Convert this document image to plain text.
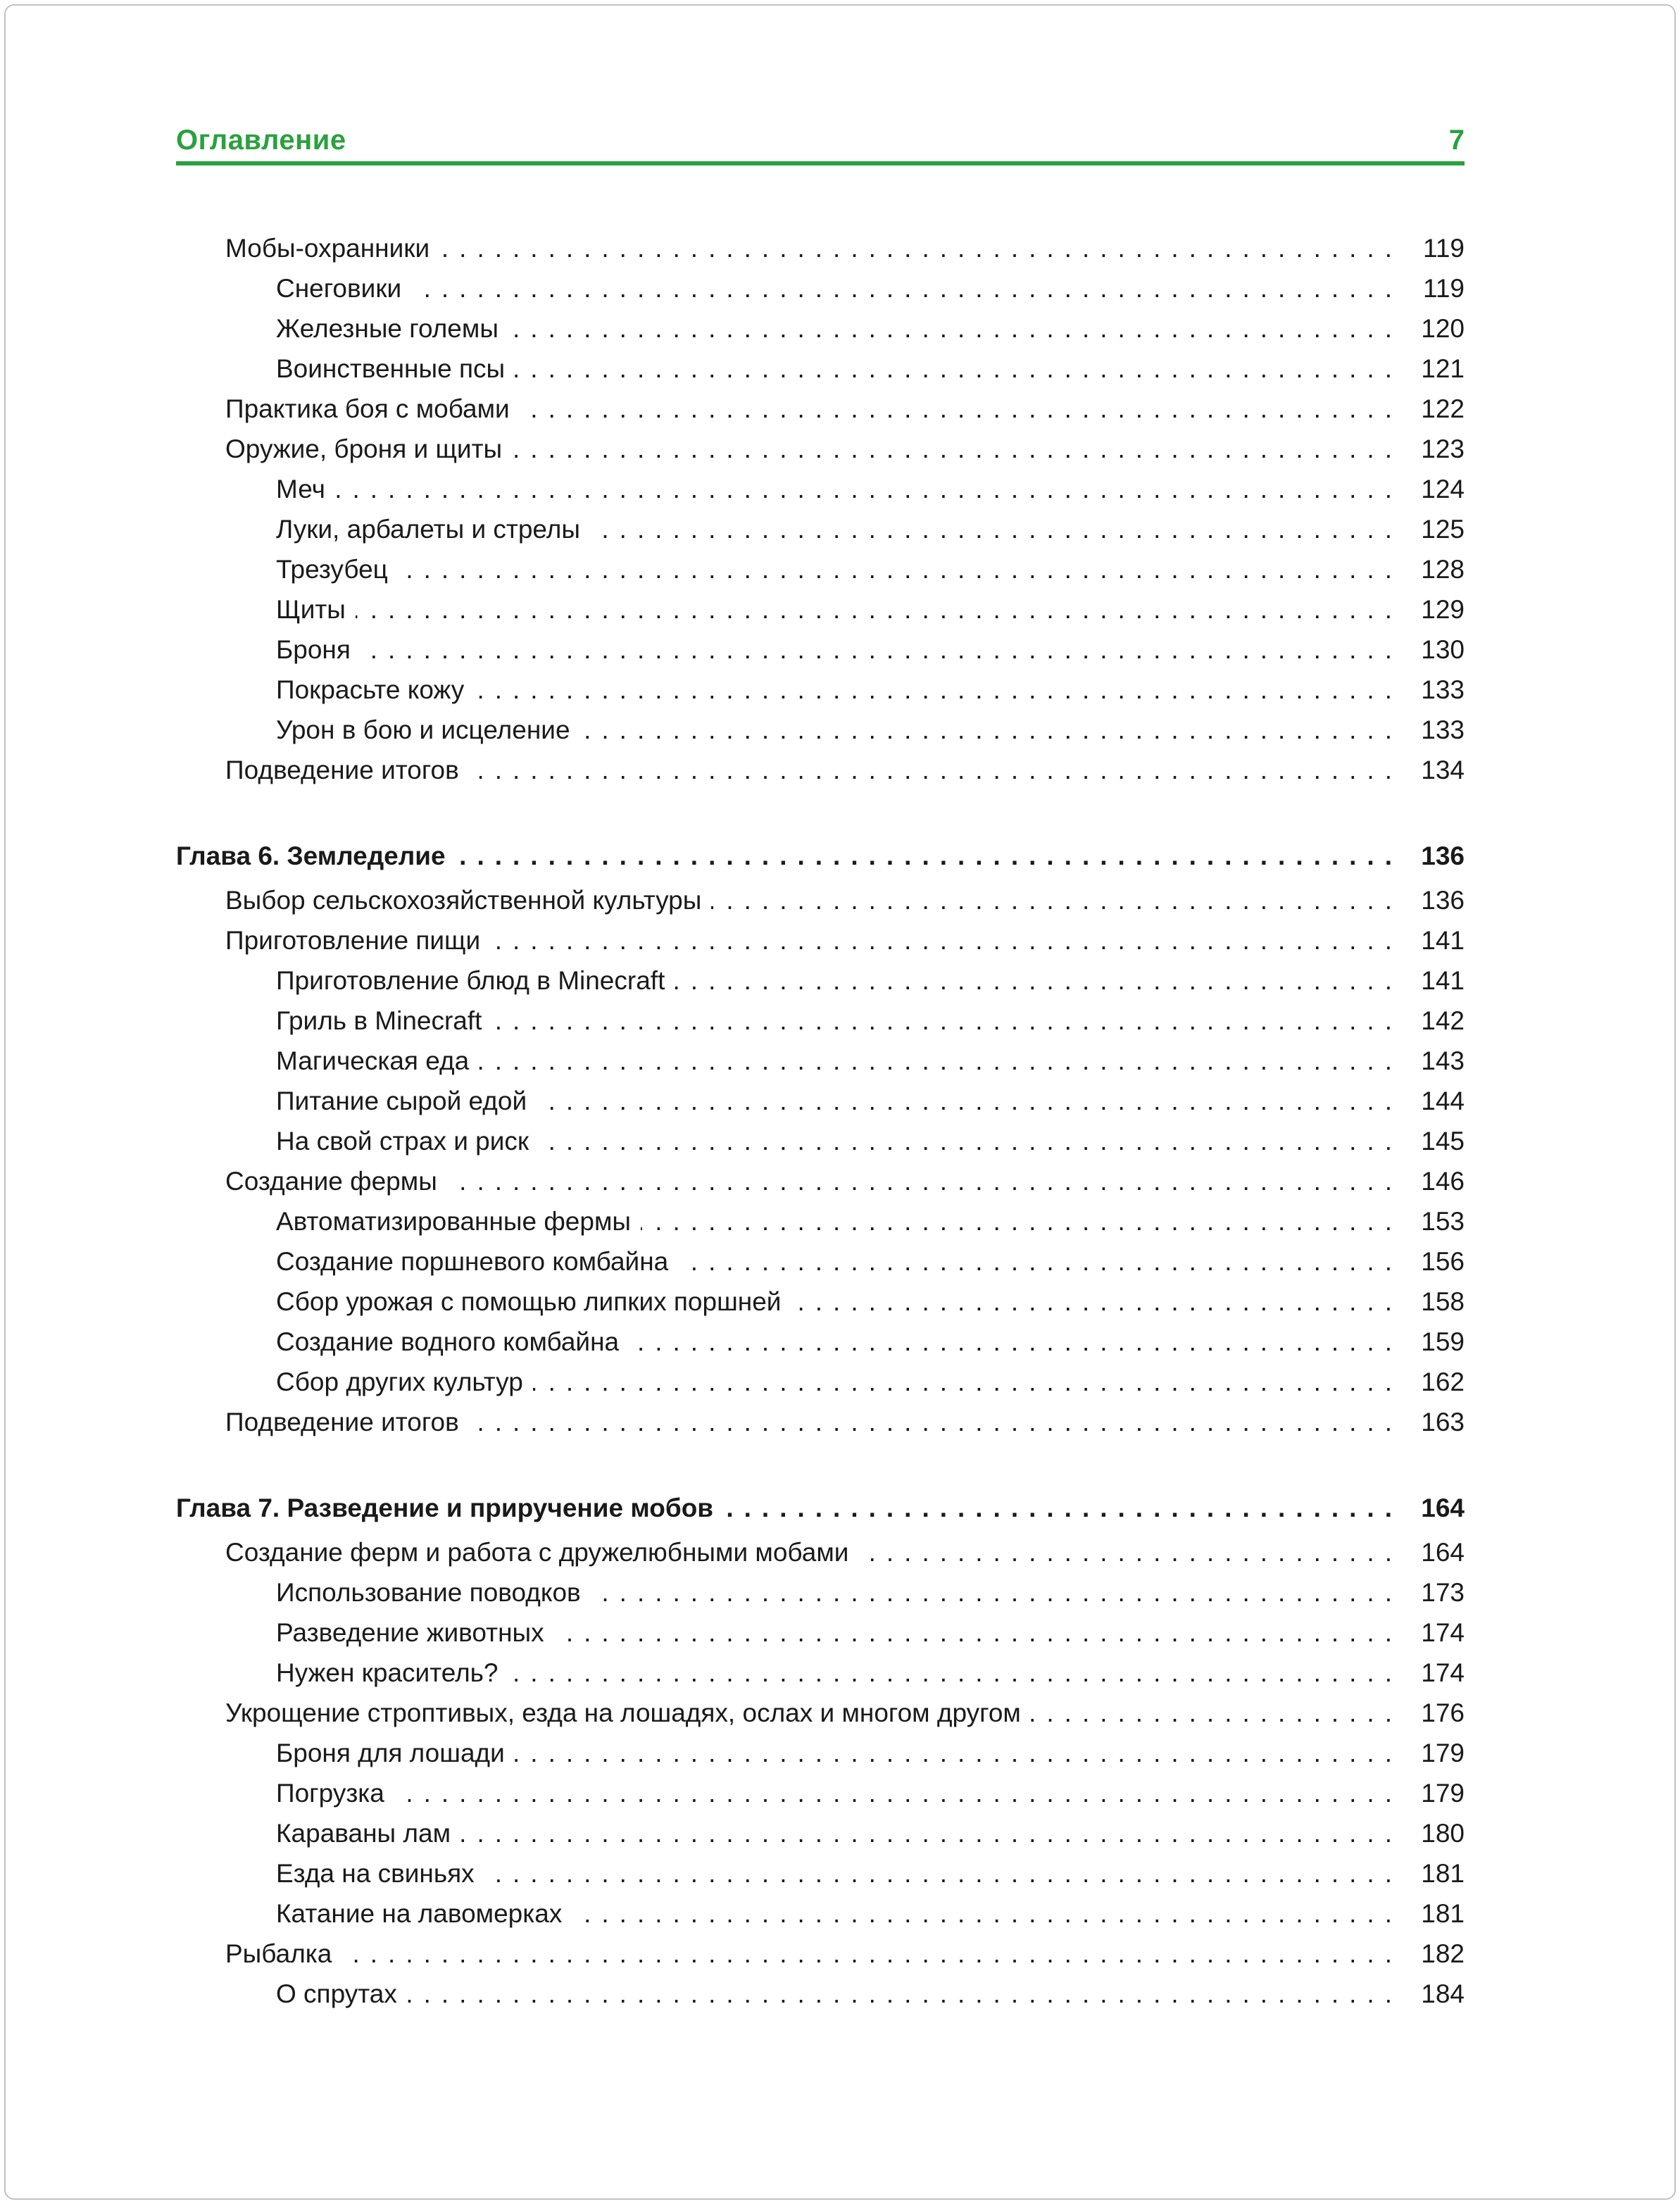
Оглавление	7
Мобы-охранники .....	119
Снеговики .....	119
Железные големы .....	120
Воинственные псы .....	121
Практика боя с мобами .....	122
Оружие, броня и щиты .....	123
Меч .....	124
Луки, арбалеты и стрелы .....	125
Трезубец .....	128
Щиты .....	129
Броня .....	130
Покрасьте кожу .....	133
Урон в бою и исцеление .....	133
Подведение итогов .....	134
Глава 6. Земледелие .....	136
Выбор сельскохозяйственной культуры .....	136
Приготовление пищи .....	141
Приготовление блюд в Minecraft .....	141
Гриль в Minecraft .....	142
Магическая еда .....	143
Питание сырой едой .....	144
На свой страх и риск .....	145
Создание фермы .....	146
Автоматизированные фермы .....	153
Создание поршневого комбайна .....	156
Сбор урожая с помощью липких поршней .....	158
Создание водного комбайна .....	159
Сбор других культур .....	162
Подведение итогов .....	163
Глава 7. Разведение и приручение мобов .....	164
Создание ферм и работа с дружелюбными мобами .....	164
Использование поводков .....	173
Разведение животных .....	174
Нужен краситель? .....	174
Укрощение строптивых, езда на лошадях, ослах и многом другом .....	176
Броня для лошади .....	179
Погрузка .....	179
Караваны лам .....	180
Езда на свиньях .....	181
Катание на лавомерках .....	181
Рыбалка .....	182
О спрутах .....	184
